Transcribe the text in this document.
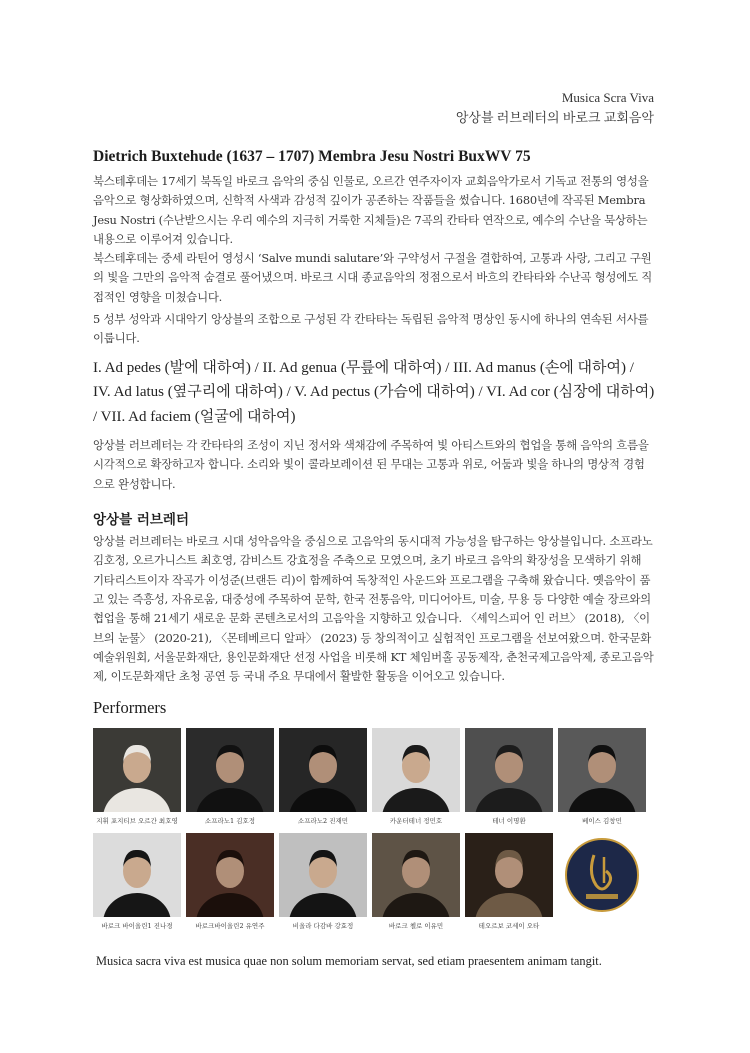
Musica Scra Viva
앙상블 러브레터의 바로크 교회음악
Dietrich Buxtehude (1637 – 1707) Membra Jesu Nostri BuxWV 75

북스테후데는 17세기 북독일 바로크 음악의 중심 인물로, 오르간 연주자이자 교회음악가로서 기독교 전통의 영성을 음악으로 형상화하였으며, 신학적 사색과 감성적 깊이가 공존하는 작품들을 썼습니다. 1680년에 작곡된 Membra Jesu Nostri (수난받으시는 우리 예수의 지극히 거룩한 지체들)은 7곡의 칸타타 연작으로, 예수의 수난을 묵상하는 내용으로 이루어져 있습니다.

북스테후데는 중세 라틴어 영성시 ‘Salve mundi salutare’와 구약성서 구절을 결합하여, 고통과 사랑, 그리고 구원의 빛을 그만의 음악적 숨결로 풀어냈으며. 바로크 시대 종교음악의 정점으로서 바흐의 칸타타와 수난곡 형성에도 직접적인 영향을 미쳤습니다.

5 성부 성악과 시대악기 앙상블의 조합으로 구성된 각 칸타타는 독립된 음악적 명상인 동시에 하나의 연속된 서사를 이룹니다.

I. Ad pedes (발에 대하여) / II. Ad genua (무릎에 대하여) / III. Ad manus (손에 대하여) / IV. Ad latus (옆구리에 대하여) / V. Ad pectus (가슴에 대하여) / VI. Ad cor (심장에 대하여) / VII. Ad faciem (얼굴에 대하여)

앙상블 러브레터는 각 칸타타의 조성이 지닌 정서와 색채감에 주목하여 빛 아티스트와의 협업을 통해 음악의 흐름을 시각적으로 확장하고자 합니다. 소리와 빛이 콜라보레이션 된 무대는 고통과 위로, 어둠과 빛을 하나의 명상적 경험으로 완성합니다.

앙상블 러브레터

앙상블 러브레터는 바로크 시대 성악음악을 중심으로 고음악의 동시대적 가능성을 탐구하는 앙상블입니다. 소프라노 김호정, 오르가니스트 최호영, 감비스트 강효정을 주축으로 모였으며, 초기 바로크 음악의 확장성을 모색하기 위해 기타리스트이자 작곡가 이성준(브랜든 리)이 함께하여 독창적인 사운드와 프로그램을 구축해 왔습니다. 옛음악이 품고 있는 즉흥성, 자유로움, 대중성에 주목하여 문학, 한국 전통음악, 미디어아트, 미술, 무용 등 다양한 예술 장르와의 협업을 통해 21세기 새로운 문화 콘텐츠로서의 고음악을 지향하고 있습니다. 〈셰익스피어 인 러브〉 (2018), 〈이브의 눈물〉 (2020-21), 〈몬테베르디 알파〉 (2023) 등 창의적이고 실험적인 프로그램을 선보여왔으며. 한국문화예술위원회, 서울문화재단, 용인문화재단 선정 사업을 비롯해 KT 체임버홀 공동제작, 춘천국제고음악제, 종로고음악제, 이도문화재단 초청 공연 등 국내 주요 무대에서 활발한 활동을 이어오고 있습니다.

Performers
지휘 포지티브 오르간 최호영	소프라노1 김호정	소프라노2 진재민	카운터테너 정민호	테너 이명환	베이스 김창민
바로크 바이올린1 진나경	바로크바이올린2 유연주	비올라 다감바 강효정	바로크 첼로 이유민	테오르보 코세이 오타
Musica sacra viva est musica quae non solum memoriam servat, sed etiam praesentem animam tangit.
